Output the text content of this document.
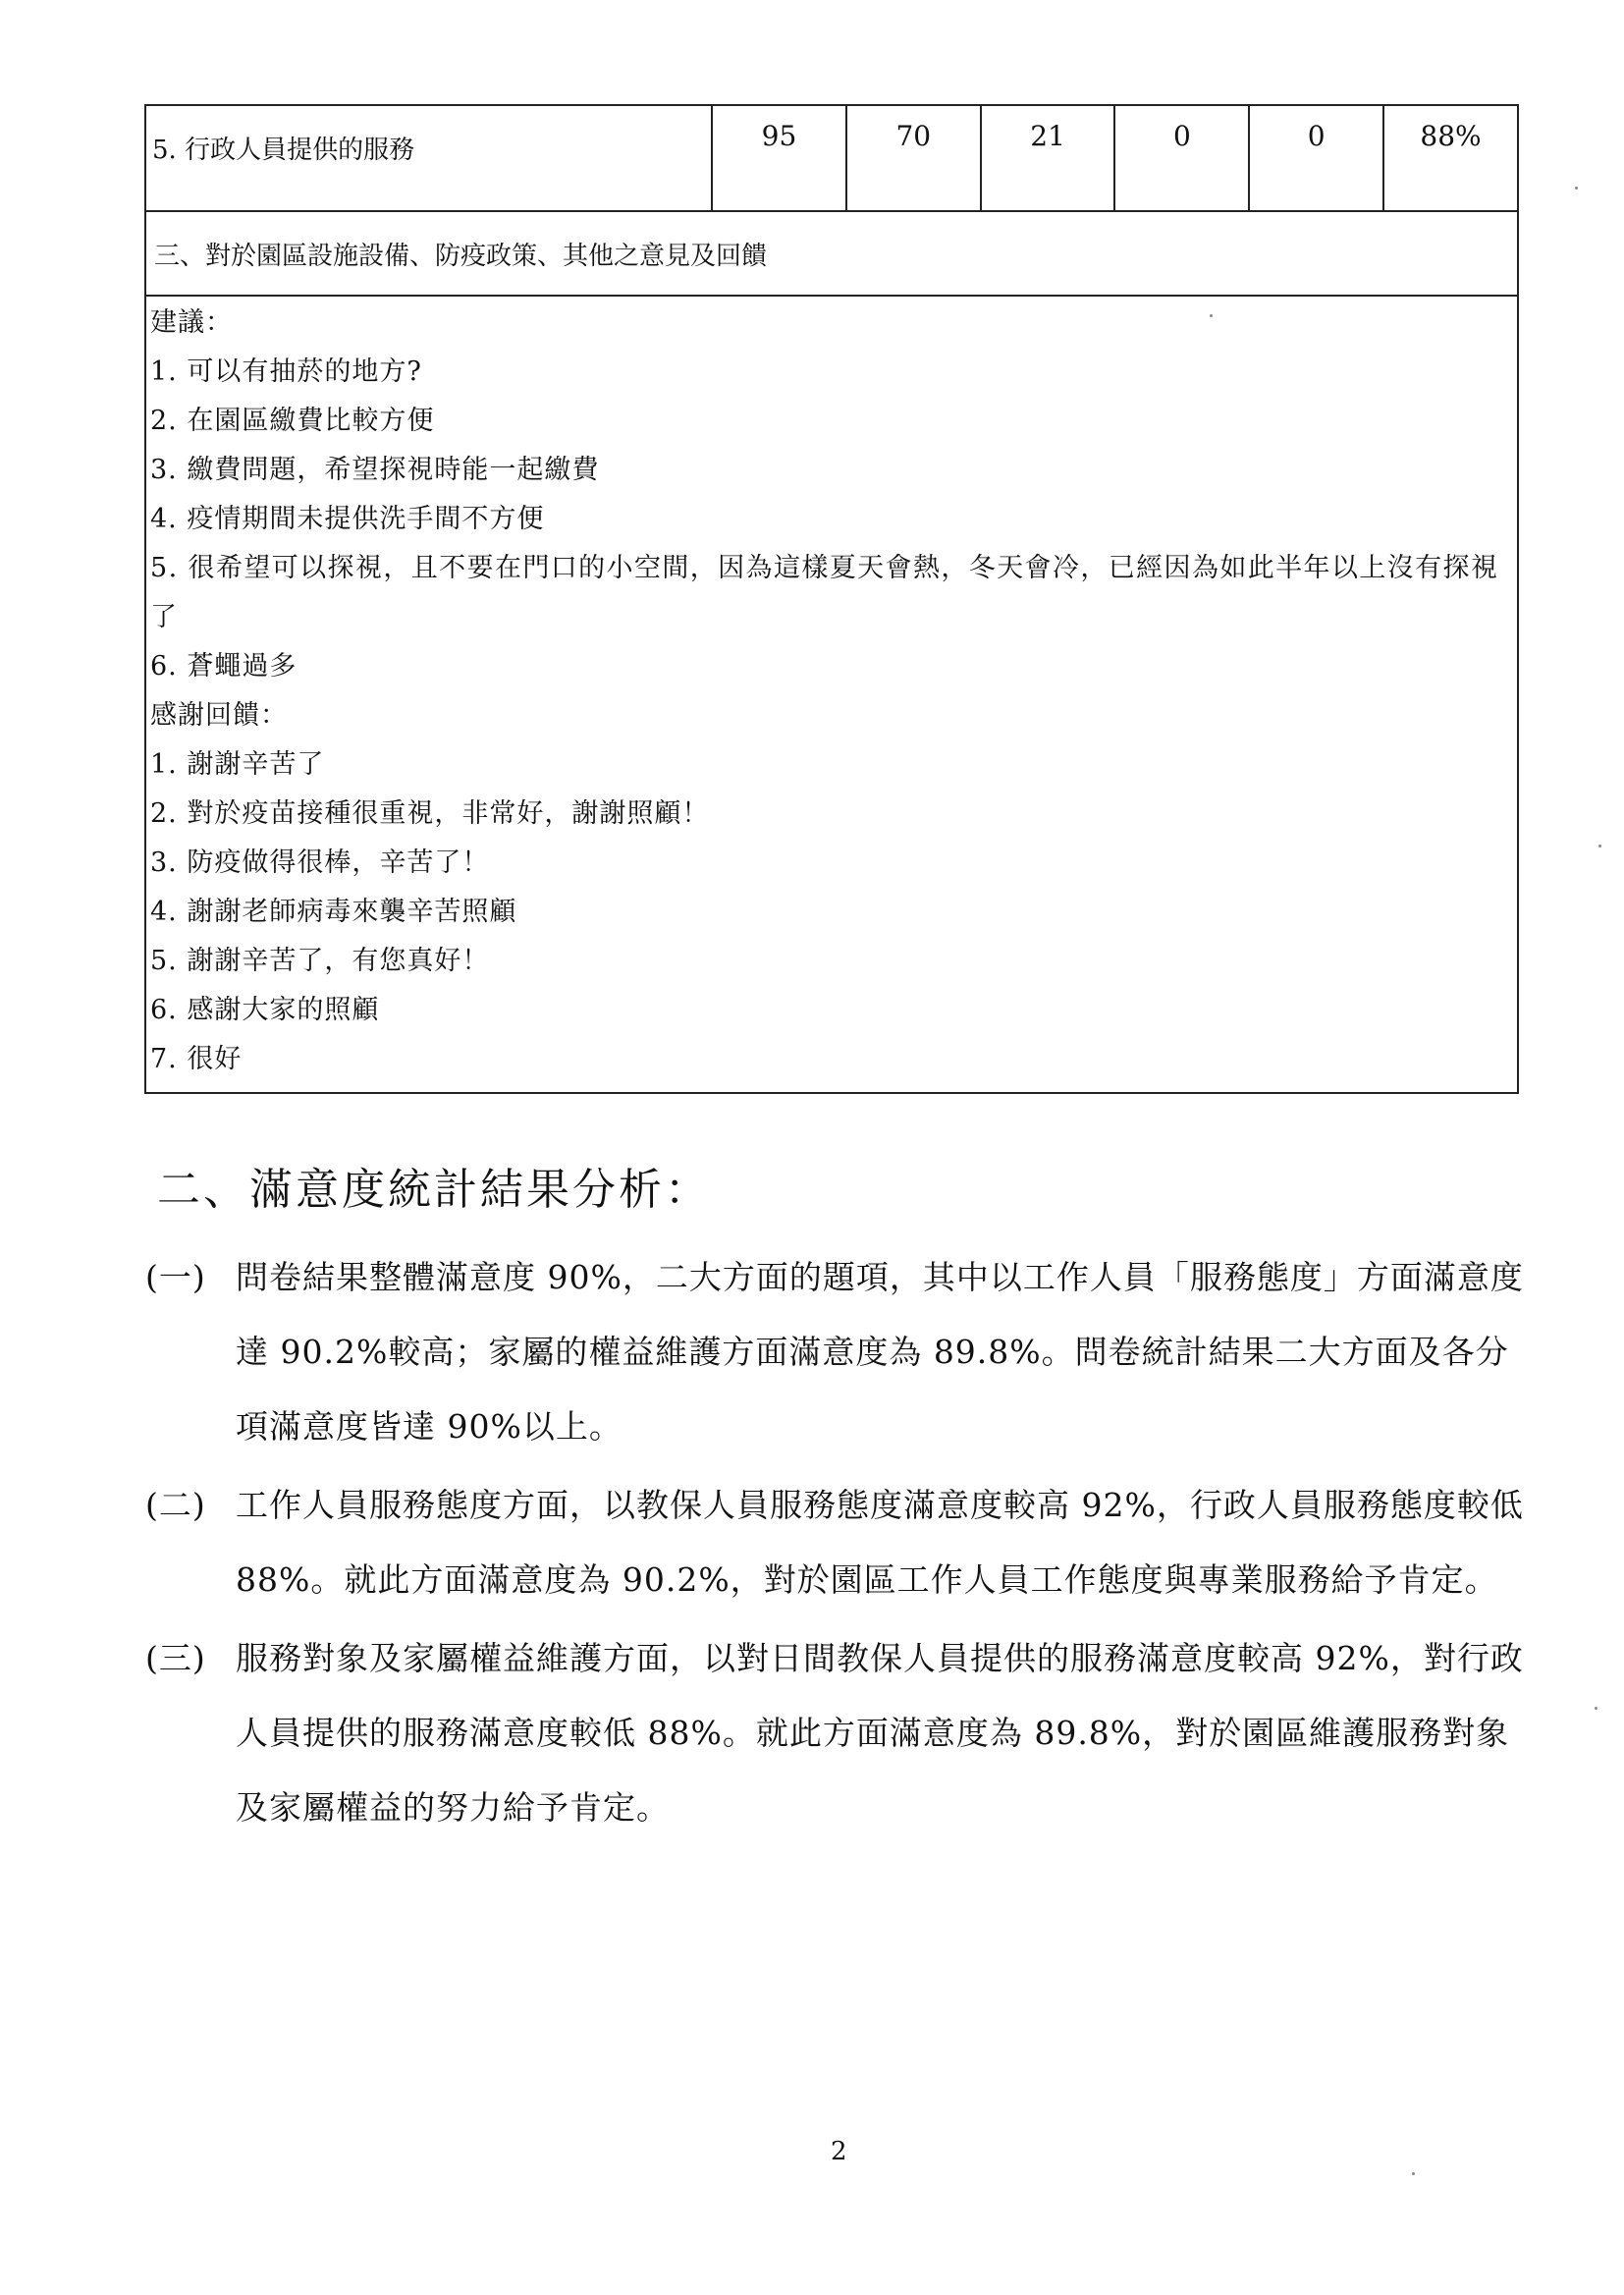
5. 行政人員提供的服務	95	70	21	0	0	88%
三、對於園區設施設備、防疫政策、其他之意見及回饋

建議：
1. 可以有抽菸的地方?
2. 在園區繳費比較方便
3. 繳費問題，希望探視時能一起繳費
4. 疫情期間未提供洗手間不方便
5. 很希望可以探視，且不要在門口的小空間，因為這樣夏天會熱，冬天會冷，已經因為如此半年以上沒有探視了
6. 蒼蠅過多
感謝回饋：
1. 謝謝辛苦了
2. 對於疫苗接種很重視，非常好，謝謝照顧！
3. 防疫做得很棒，辛苦了！
4. 謝謝老師病毒來襲辛苦照顧
5. 謝謝辛苦了，有您真好！
6. 感謝大家的照顧
7. 很好
二、滿意度統計結果分析：
(一) 問卷結果整體滿意度 90%，二大方面的題項，其中以工作人員「服務態度」方面滿意度達 90.2%較高；家屬的權益維護方面滿意度為 89.8%。問卷統計結果二大方面及各分項滿意度皆達 90%以上。
(二) 工作人員服務態度方面，以教保人員服務態度滿意度較高 92%，行政人員服務態度較低 88%。就此方面滿意度為 90.2%，對於園區工作人員工作態度與專業服務給予肯定。
(三) 服務對象及家屬權益維護方面，以對日間教保人員提供的服務滿意度較高 92%，對行政人員提供的服務滿意度較低 88%。就此方面滿意度為 89.8%，對於園區維護服務對象及家屬權益的努力給予肯定。
2
